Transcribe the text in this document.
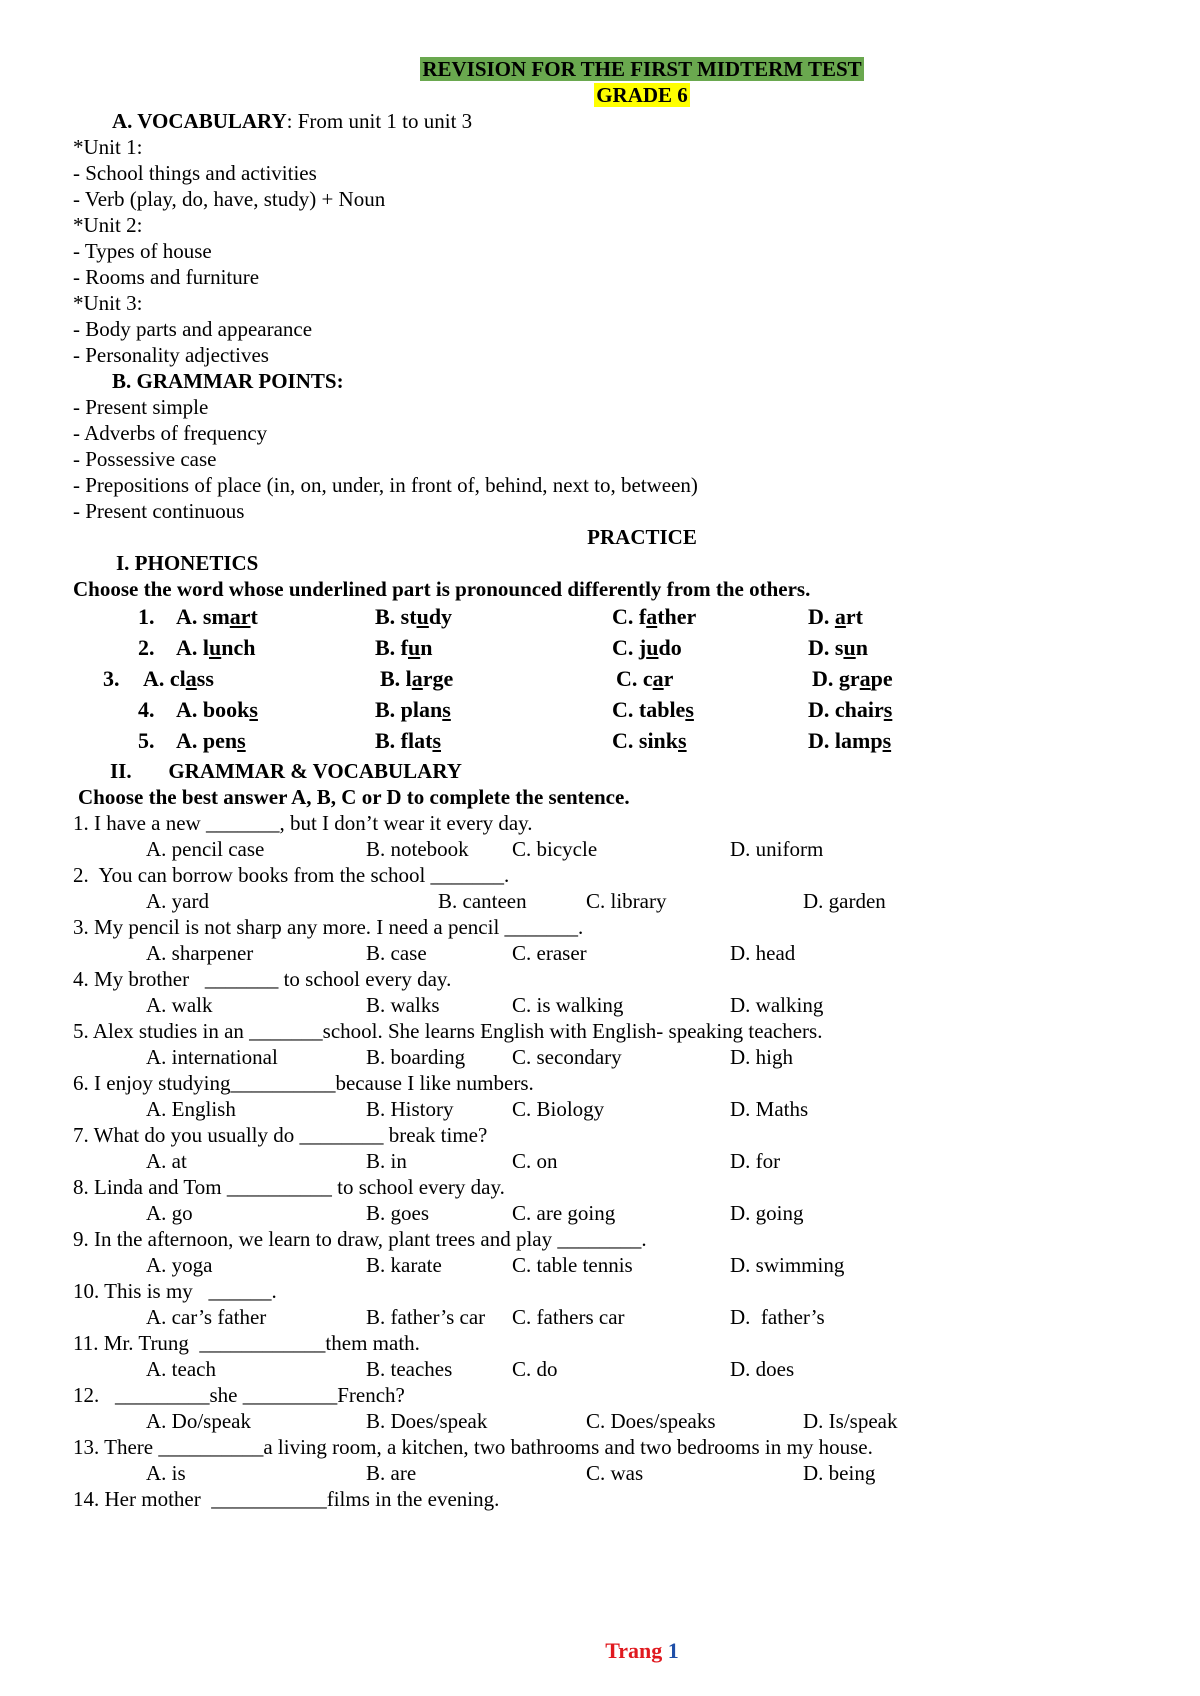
REVISION FOR THE FIRST MIDTERM TEST
GRADE 6
A. VOCABULARY: From unit 1 to unit 3
*Unit 1:
- School things and activities
- Verb (play, do, have, study) + Noun
*Unit 2:
- Types of house
- Rooms and furniture
*Unit 3:
- Body parts and appearance
- Personality adjectives
B. GRAMMAR POINTS:
- Present simple
- Adverbs of frequency
- Possessive case
- Prepositions of place (in, on, under, in front of, behind, next to, between)
- Present continuous
PRACTICE
I. PHONETICS
Choose the word whose underlined part is pronounced differently from the others.
1. A. smart	B. study	C. father	D. art
2. A. lunch	B. fun	C. judo	D. sun
3. A. class	B. large	C. car	D. grape
4. A. books	B. plans	C. tables	D. chairs
5. A. pens	B. flats	C. sinks	D. lamps
II.       GRAMMAR & VOCABULARY
Choose the best answer A, B, C or D to complete the sentence.
1. I have a new _______, but I don’t wear it every day.
A. pencil case	B. notebook C. bicycle	D. uniform
2.  You can borrow books from the school _______.
A. yard	B. canteen	C. library	D. garden
3. My pencil is not sharp any more. I need a pencil _______.
A. sharpener	B. case	C. eraser	D. head
4. My brother   _______ to school every day.
A. walk	B. walks	C. is walking	D. walking
5. Alex studies in an _______school. She learns English with English- speaking teachers.
A. international	B. boarding C. secondary	D. high
6. I enjoy studying__________because I like numbers.
A. English	B. History	C. Biology	D. Maths
7. What do you usually do ________ break time?
A. at	B. in	C. on	D. for
8. Linda and Tom __________ to school every day.
A. go	B. goes	C. are going	D. going
9. In the afternoon, we learn to draw, plant trees and play ________.
A. yoga	B. karate	C. table tennis	D. swimming
10. This is my   ______.
A. car’s father	B. father’s car C. fathers car	D.  father’s
11. Mr. Trung  ____________them math.
A. teach	B. teaches	C. do	D. does
12.   _________she _________French?
A. Do/speak	B. Does/speak	C. Does/speaks	D. Is/speak
13. There __________a living room, a kitchen, two bathrooms and two bedrooms in my house.
A. is	B. are	C. was	D. being
14. Her mother  ___________films in the evening.
Trang 1
